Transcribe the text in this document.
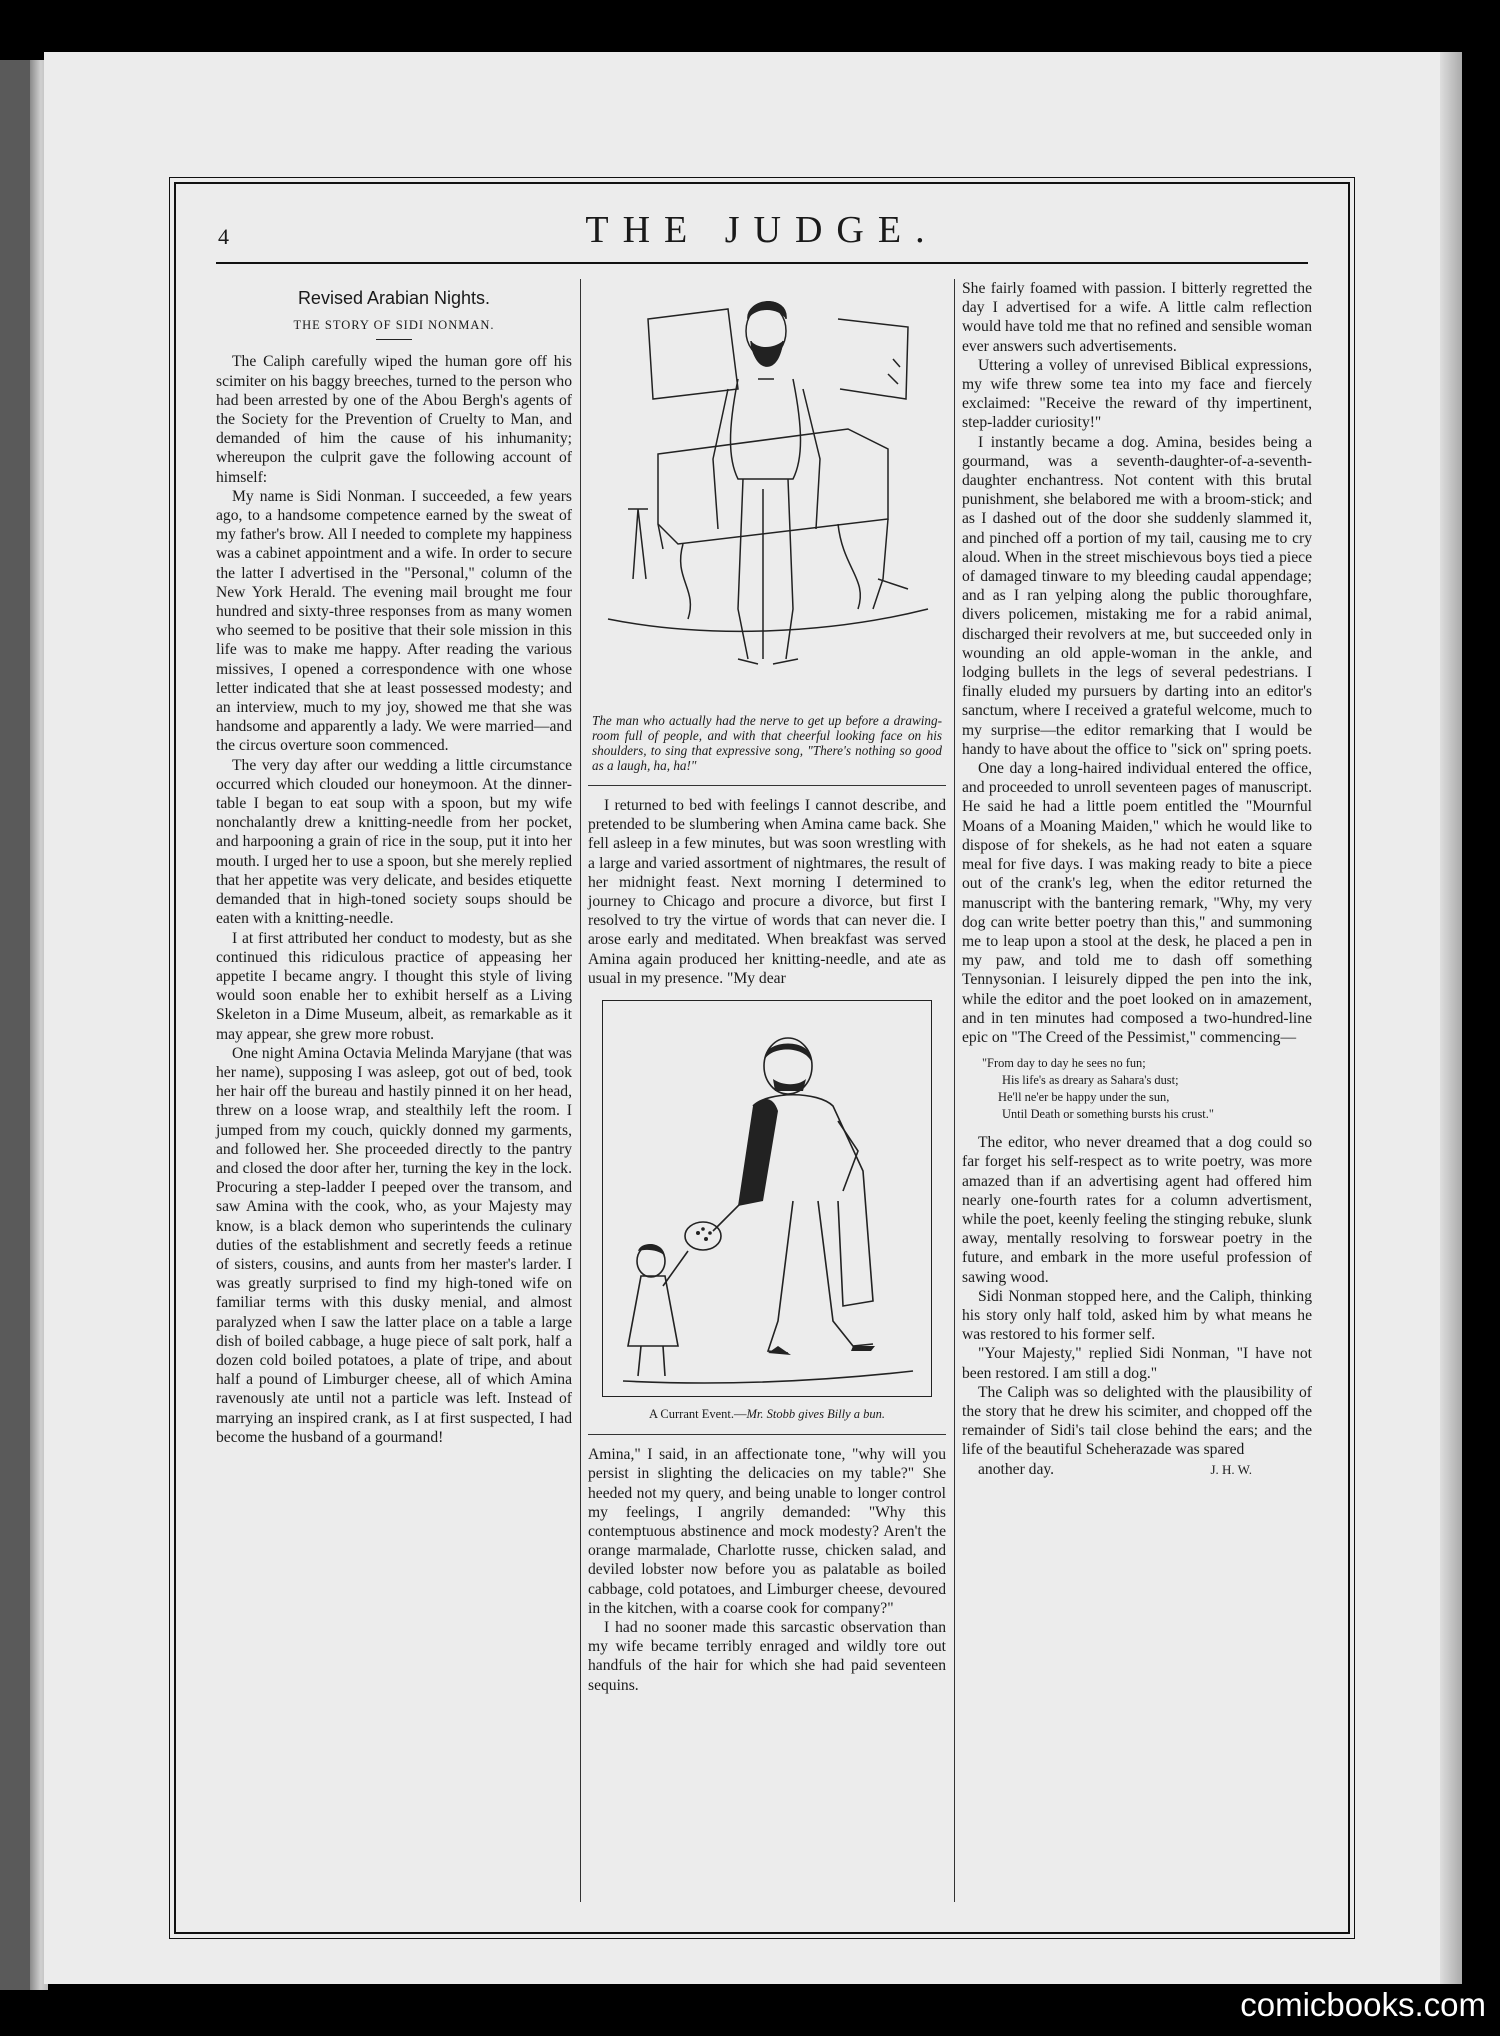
4	THE JUDGE.
Revised Arabian Nights.
THE STORY OF SIDI NONMAN.

The Caliph carefully wiped the human gore off his scimiter on his baggy breeches, turned to the person who had been arrested by one of the Abou Bergh's agents of the Society for the Prevention of Cruelty to Man, and demanded of him the cause of his inhumanity; whereupon the culprit gave the following account of himself:

My name is Sidi Nonman. I succeeded, a few years ago, to a handsome competence earned by the sweat of my father's brow. All I needed to complete my happiness was a cabinet appointment and a wife. In order to secure the latter I advertised in the "Personal," column of the New York Herald. The evening mail brought me four hundred and sixty-three responses from as many women who seemed to be positive that their sole mission in this life was to make me happy. After reading the various missives, I opened a correspondence with one whose letter indicated that she at least possessed modesty; and an interview, much to my joy, showed me that she was handsome and apparently a lady. We were married—and the circus overture soon commenced.

The very day after our wedding a little circumstance occurred which clouded our honeymoon. At the dinner-table I began to eat soup with a spoon, but my wife nonchalantly drew a knitting-needle from her pocket, and harpooning a grain of rice in the soup, put it into her mouth. I urged her to use a spoon, but she merely replied that her appetite was very delicate, and besides etiquette demanded that in high-toned society soups should be eaten with a knitting-needle.

I at first attributed her conduct to modesty, but as she continued this ridiculous practice of appeasing her appetite I became angry. I thought this style of living would soon enable her to exhibit herself as a Living Skeleton in a Dime Museum, albeit, as remarkable as it may appear, she grew more robust.

One night Amina Octavia Melinda Maryjane (that was her name), supposing I was asleep, got out of bed, took her hair off the bureau and hastily pinned it on her head, threw on a loose wrap, and stealthily left the room. I jumped from my couch, quickly donned my garments, and followed her. She proceeded directly to the pantry and closed the door after her, turning the key in the lock. Procuring a step-ladder I peeped over the transom, and saw Amina with the cook, who, as your Majesty may know, is a black demon who superintends the culinary duties of the establishment and secretly feeds a retinue of sisters, cousins, and aunts from her master's larder. I was greatly surprised to find my high-toned wife on familiar terms with this dusky menial, and almost paralyzed when I saw the latter place on a table a large dish of boiled cabbage, a huge piece of salt pork, half a dozen cold boiled potatoes, a plate of tripe, and about half a pound of Limburger cheese, all of which Amina ravenously ate until not a particle was left. Instead of marrying an inspired crank, as I at first suspected, I had become the husband of a gourmand!

The man who actually had the nerve to get up before a drawing-room full of people, and with that cheerful looking face on his shoulders, to sing that expressive song, "There's nothing so good as a laugh, ha, ha!"

I returned to bed with feelings I cannot describe, and pretended to be slumbering when Amina came back. She fell asleep in a few minutes, but was soon wrestling with a large and varied assortment of nightmares, the result of her midnight feast. Next morning I determined to journey to Chicago and procure a divorce, but first I resolved to try the virtue of words that can never die. I arose early and meditated. When breakfast was served Amina again produced her knitting-needle, and ate as usual in my presence. "My dear

A Currant Event.—Mr. Stobb gives Billy a bun.

Amina," I said, in an affectionate tone, "why will you persist in slighting the delicacies on my table?" She heeded not my query, and being unable to longer control my feelings, I angrily demanded: "Why this contemptuous abstinence and mock modesty? Aren't the orange marmalade, Charlotte russe, chicken salad, and deviled lobster now before you as palatable as boiled cabbage, cold potatoes, and Limburger cheese, devoured in the kitchen, with a coarse cook for company?"

I had no sooner made this sarcastic observation than my wife became terribly enraged and wildly tore out handfuls of the hair for which she had paid seventeen sequins.

She fairly foamed with passion. I bitterly regretted the day I advertised for a wife. A little calm reflection would have told me that no refined and sensible woman ever answers such advertisements.

Uttering a volley of unrevised Biblical expressions, my wife threw some tea into my face and fiercely exclaimed: "Receive the reward of thy impertinent, step-ladder curiosity!"

I instantly became a dog. Amina, besides being a gourmand, was a seventh-daughter-of-a-seventh-daughter enchantress. Not content with this brutal punishment, she belabored me with a broom-stick; and as I dashed out of the door she suddenly slammed it, and pinched off a portion of my tail, causing me to cry aloud. When in the street mischievous boys tied a piece of damaged tinware to my bleeding caudal appendage; and as I ran yelping along the public thoroughfare, divers policemen, mistaking me for a rabid animal, discharged their revolvers at me, but succeeded only in wounding an old apple-woman in the ankle, and lodging bullets in the legs of several pedestrians. I finally eluded my pursuers by darting into an editor's sanctum, where I received a grateful welcome, much to my surprise—the editor remarking that I would be handy to have about the office to "sick on" spring poets.

One day a long-haired individual entered the office, and proceeded to unroll seventeen pages of manuscript. He said he had a little poem entitled the "Mournful Moans of a Moaning Maiden," which he would like to dispose of for shekels, as he had not eaten a square meal for five days. I was making ready to bite a piece out of the crank's leg, when the editor returned the manuscript with the bantering remark, "Why, my very dog can write better poetry than this," and summoning me to leap upon a stool at the desk, he placed a pen in my paw, and told me to dash off something Tennysonian. I leisurely dipped the pen into the ink, while the editor and the poet looked on in amazement, and in ten minutes had composed a two-hundred-line epic on "The Creed of the Pessimist," commencing—

"From day to day he sees no fun;
His life's as dreary as Sahara's dust;
He'll ne'er be happy under the sun,
Until Death or something bursts his crust."

The editor, who never dreamed that a dog could so far forget his self-respect as to write poetry, was more amazed than if an advertising agent had offered him nearly one-fourth rates for a column advertisment, while the poet, keenly feeling the stinging rebuke, slunk away, mentally resolving to forswear poetry in the future, and embark in the more useful profession of sawing wood.

Sidi Nonman stopped here, and the Caliph, thinking his story only half told, asked him by what means he was restored to his former self.

"Your Majesty," replied Sidi Nonman, "I have not been restored. I am still a dog."

The Caliph was so delighted with the plausibility of the story that he drew his scimiter, and chopped off the remainder of Sidi's tail close behind the ears; and the life of the beautiful Scheherazade was spared

another day.	J. H. W.

comicbooks.com
